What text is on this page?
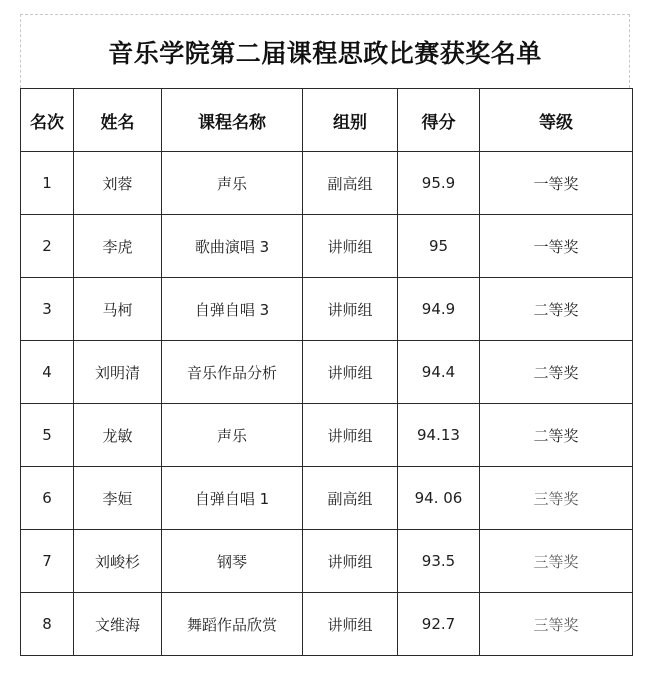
音乐学院第二届课程思政比赛获奖名单
名次	姓名	课程名称	组别	得分	等级
1	刘蓉	声乐	副高组	95.9	一等奖
2	李虎	歌曲演唱 3	讲师组	95	一等奖
3	马柯	自弹自唱 3	讲师组	94.9	二等奖
4	刘明清	音乐作品分析	讲师组	94.4	二等奖
5	龙敏	声乐	讲师组	94.13	二等奖
6	李姮	自弹自唱 1	副高组	94. 06	三等奖
7	刘峻杉	钢琴	讲师组	93.5	三等奖
8	文维海	舞蹈作品欣赏	讲师组	92.7	三等奖
